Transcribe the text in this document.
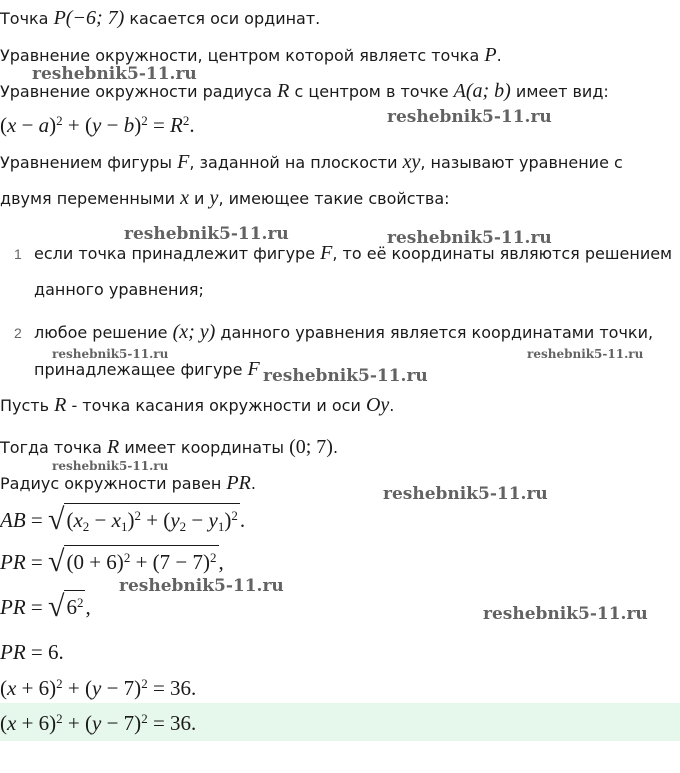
Точка P(−6; 7) касается оси ординат.
Уравнение окружности, центром которой являетс точка P.
Уравнение окружности радиуса R с центром в точке A(a; b) имеет вид:
$(x - a)^2 + (y - b)^2 = R^2$.
Уравнением фигуры F, заданной на плоскости xy, называют уравнение с
двумя переменными x и y, имеющее такие свойства:
1 если точка принадлежит фигуре F, то её координаты являются решением
данного уравнения;
2 любое решение (x; y) данного уравнения является координатами точки,
принадлежащее фигуре F
Пусть R - точка касания окружности и оси Oy.
Тогда точка R имеет координаты (0; 7).
Радиус окружности равен PR.
AB = $√(x_2 - x_1)^2 + (y_2 - y_1)^2$.
PR = $√(0 + 6)^2 + (7 - 7)^2$,
PR = $√6^2$,
PR = 6.
$(x + 6)^2 + (y - 7)^2 = 36$.
$(x + 6)^2 + (y - 7)^2 = 36$.
reshebnik5-11.ru
reshebnik5-11.ru
reshebnik5-11.ru	reshebnik5-11.ru
reshebnik5-11.ru	reshebnik5-11.ru
reshebnik5-11.ru
reshebnik5-11.ru
reshebnik5-11.ru
reshebnik5-11.ru
reshebnik5-11.ru
